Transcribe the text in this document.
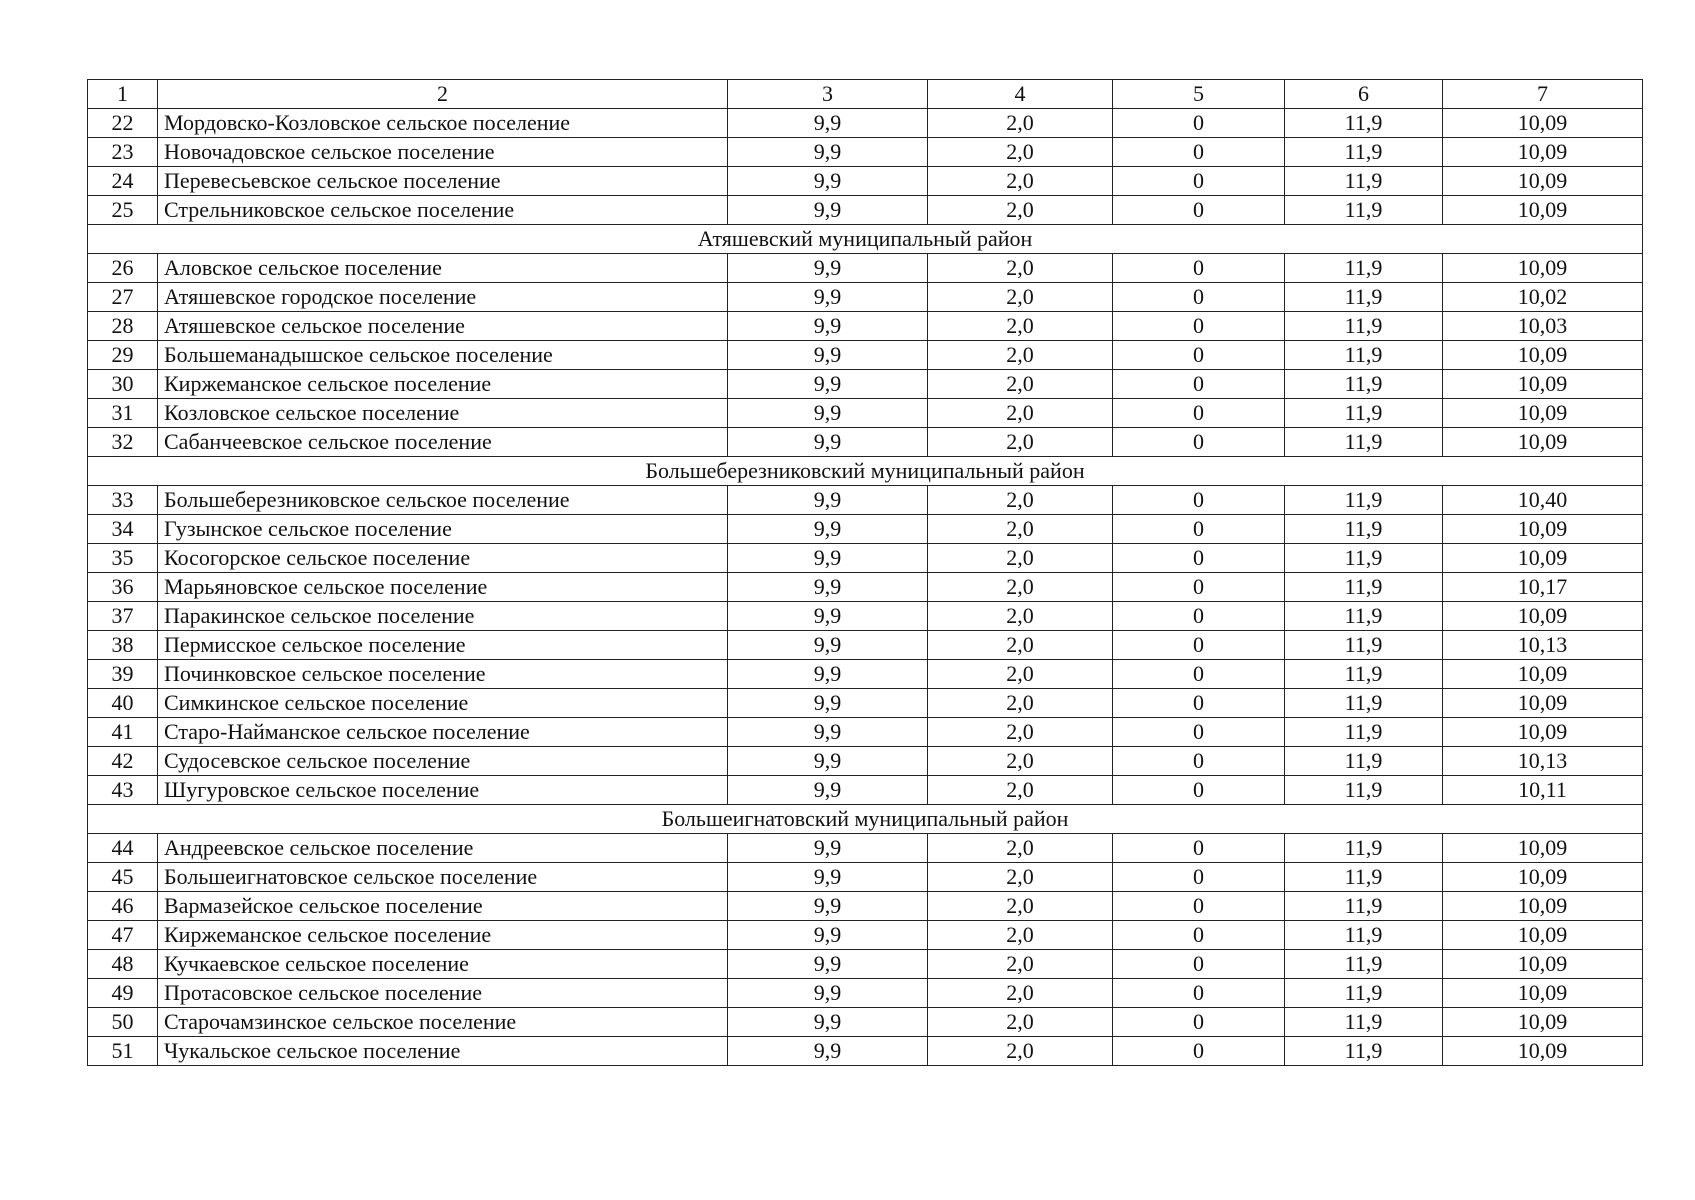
1	2	3	4	5	6	7
22	Мордовско-Козловское сельское поселение	9,9	2,0	0	11,9	10,09
23	Новочадовское сельское поселение	9,9	2,0	0	11,9	10,09
24	Перевесьевское сельское поселение	9,9	2,0	0	11,9	10,09
25	Стрельниковское сельское поселение	9,9	2,0	0	11,9	10,09
Атяшевский муниципальный район						
26	Аловское сельское поселение	9,9	2,0	0	11,9	10,09
27	Атяшевское городское поселение	9,9	2,0	0	11,9	10,02
28	Атяшевское сельское поселение	9,9	2,0	0	11,9	10,03
29	Большеманадышское сельское поселение	9,9	2,0	0	11,9	10,09
30	Киржеманское сельское поселение	9,9	2,0	0	11,9	10,09
31	Козловское сельское поселение	9,9	2,0	0	11,9	10,09
32	Сабанчеевское сельское поселение	9,9	2,0	0	11,9	10,09
Большеберезниковский муниципальный район						
33	Большеберезниковское сельское поселение	9,9	2,0	0	11,9	10,40
34	Гузынское сельское поселение	9,9	2,0	0	11,9	10,09
35	Косогорское сельское поселение	9,9	2,0	0	11,9	10,09
36	Марьяновское сельское поселение	9,9	2,0	0	11,9	10,17
37	Паракинское сельское поселение	9,9	2,0	0	11,9	10,09
38	Пермисское сельское поселение	9,9	2,0	0	11,9	10,13
39	Починковское сельское поселение	9,9	2,0	0	11,9	10,09
40	Симкинское сельское поселение	9,9	2,0	0	11,9	10,09
41	Старо-Найманское сельское поселение	9,9	2,0	0	11,9	10,09
42	Судосевское сельское поселение	9,9	2,0	0	11,9	10,13
43	Шугуровское сельское поселение	9,9	2,0	0	11,9	10,11
Большеигнатовский муниципальный район						
44	Андреевское сельское поселение	9,9	2,0	0	11,9	10,09
45	Большеигнатовское сельское поселение	9,9	2,0	0	11,9	10,09
46	Вармазейское сельское поселение	9,9	2,0	0	11,9	10,09
47	Киржеманское сельское поселение	9,9	2,0	0	11,9	10,09
48	Кучкаевское сельское поселение	9,9	2,0	0	11,9	10,09
49	Протасовское сельское поселение	9,9	2,0	0	11,9	10,09
50	Старочамзинское сельское поселение	9,9	2,0	0	11,9	10,09
51	Чукальское сельское поселение	9,9	2,0	0	11,9	10,09
